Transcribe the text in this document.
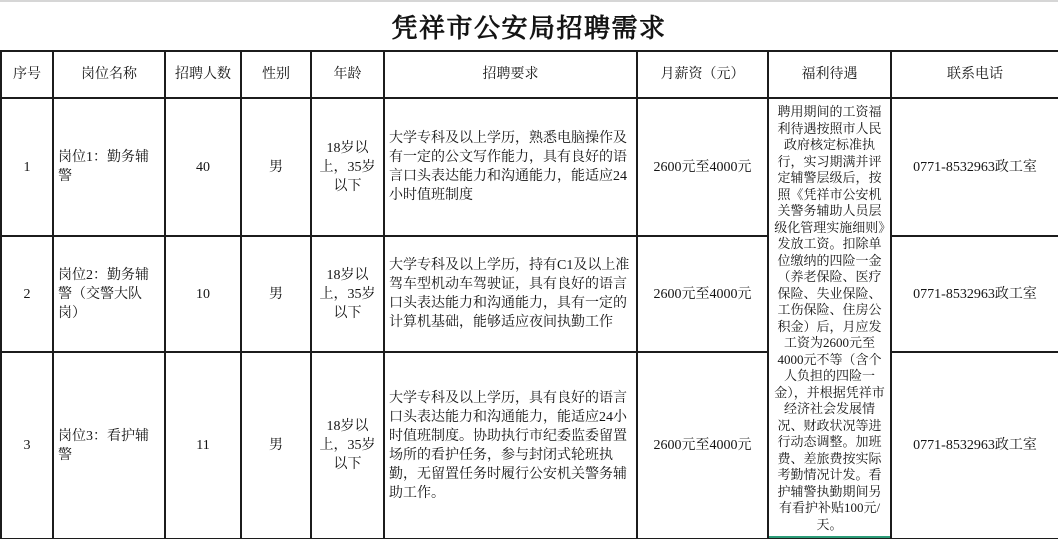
凭祥市公安局招聘需求
序号	岗位名称	招聘人数	性别	年龄	招聘要求	月薪资（元）	福利待遇	联系电话
1	岗位1：勤务辅警	40	男	18岁以上，35岁以下	大学专科及以上学历，熟悉电脑操作及有一定的公文写作能力，具有良好的语言口头表达能力和沟通能力，能适应24小时值班制度	2600元至4000元	聘用期间的工资福利待遇按照市人民政府核定标准执行，实习期满并评定辅警层级后，按照《凭祥市公安机关警务辅助人员层级化管理实施细则》发放工资。扣除单位缴纳的四险一金（养老保险、医疗保险、失业保险、工伤保险、住房公积金）后，月应发工资为2600元至4000元不等（含个人负担的四险一金），并根据凭祥市经济社会发展情况、财政状况等进行动态调整。加班费、差旅费按实际考勤情况计发。看护辅警执勤期间另有看护补贴100元/天。	0771-8532963政工室
2	岗位2：勤务辅警（交警大队岗）	10	男	18岁以上，35岁以下	大学专科及以上学历，持有C1及以上准驾车型机动车驾驶证，具有良好的语言口头表达能力和沟通能力，具有一定的计算机基础，能够适应夜间执勤工作	2600元至4000元		0771-8532963政工室
3	岗位3：看护辅警	11	男	18岁以上，35岁以下	大学专科及以上学历，具有良好的语言口头表达能力和沟通能力，能适应24小时值班制度。协助执行市纪委监委留置场所的看护任务，参与封闭式轮班执勤，无留置任务时履行公安机关警务辅助工作。	2600元至4000元		0771-8532963政工室
